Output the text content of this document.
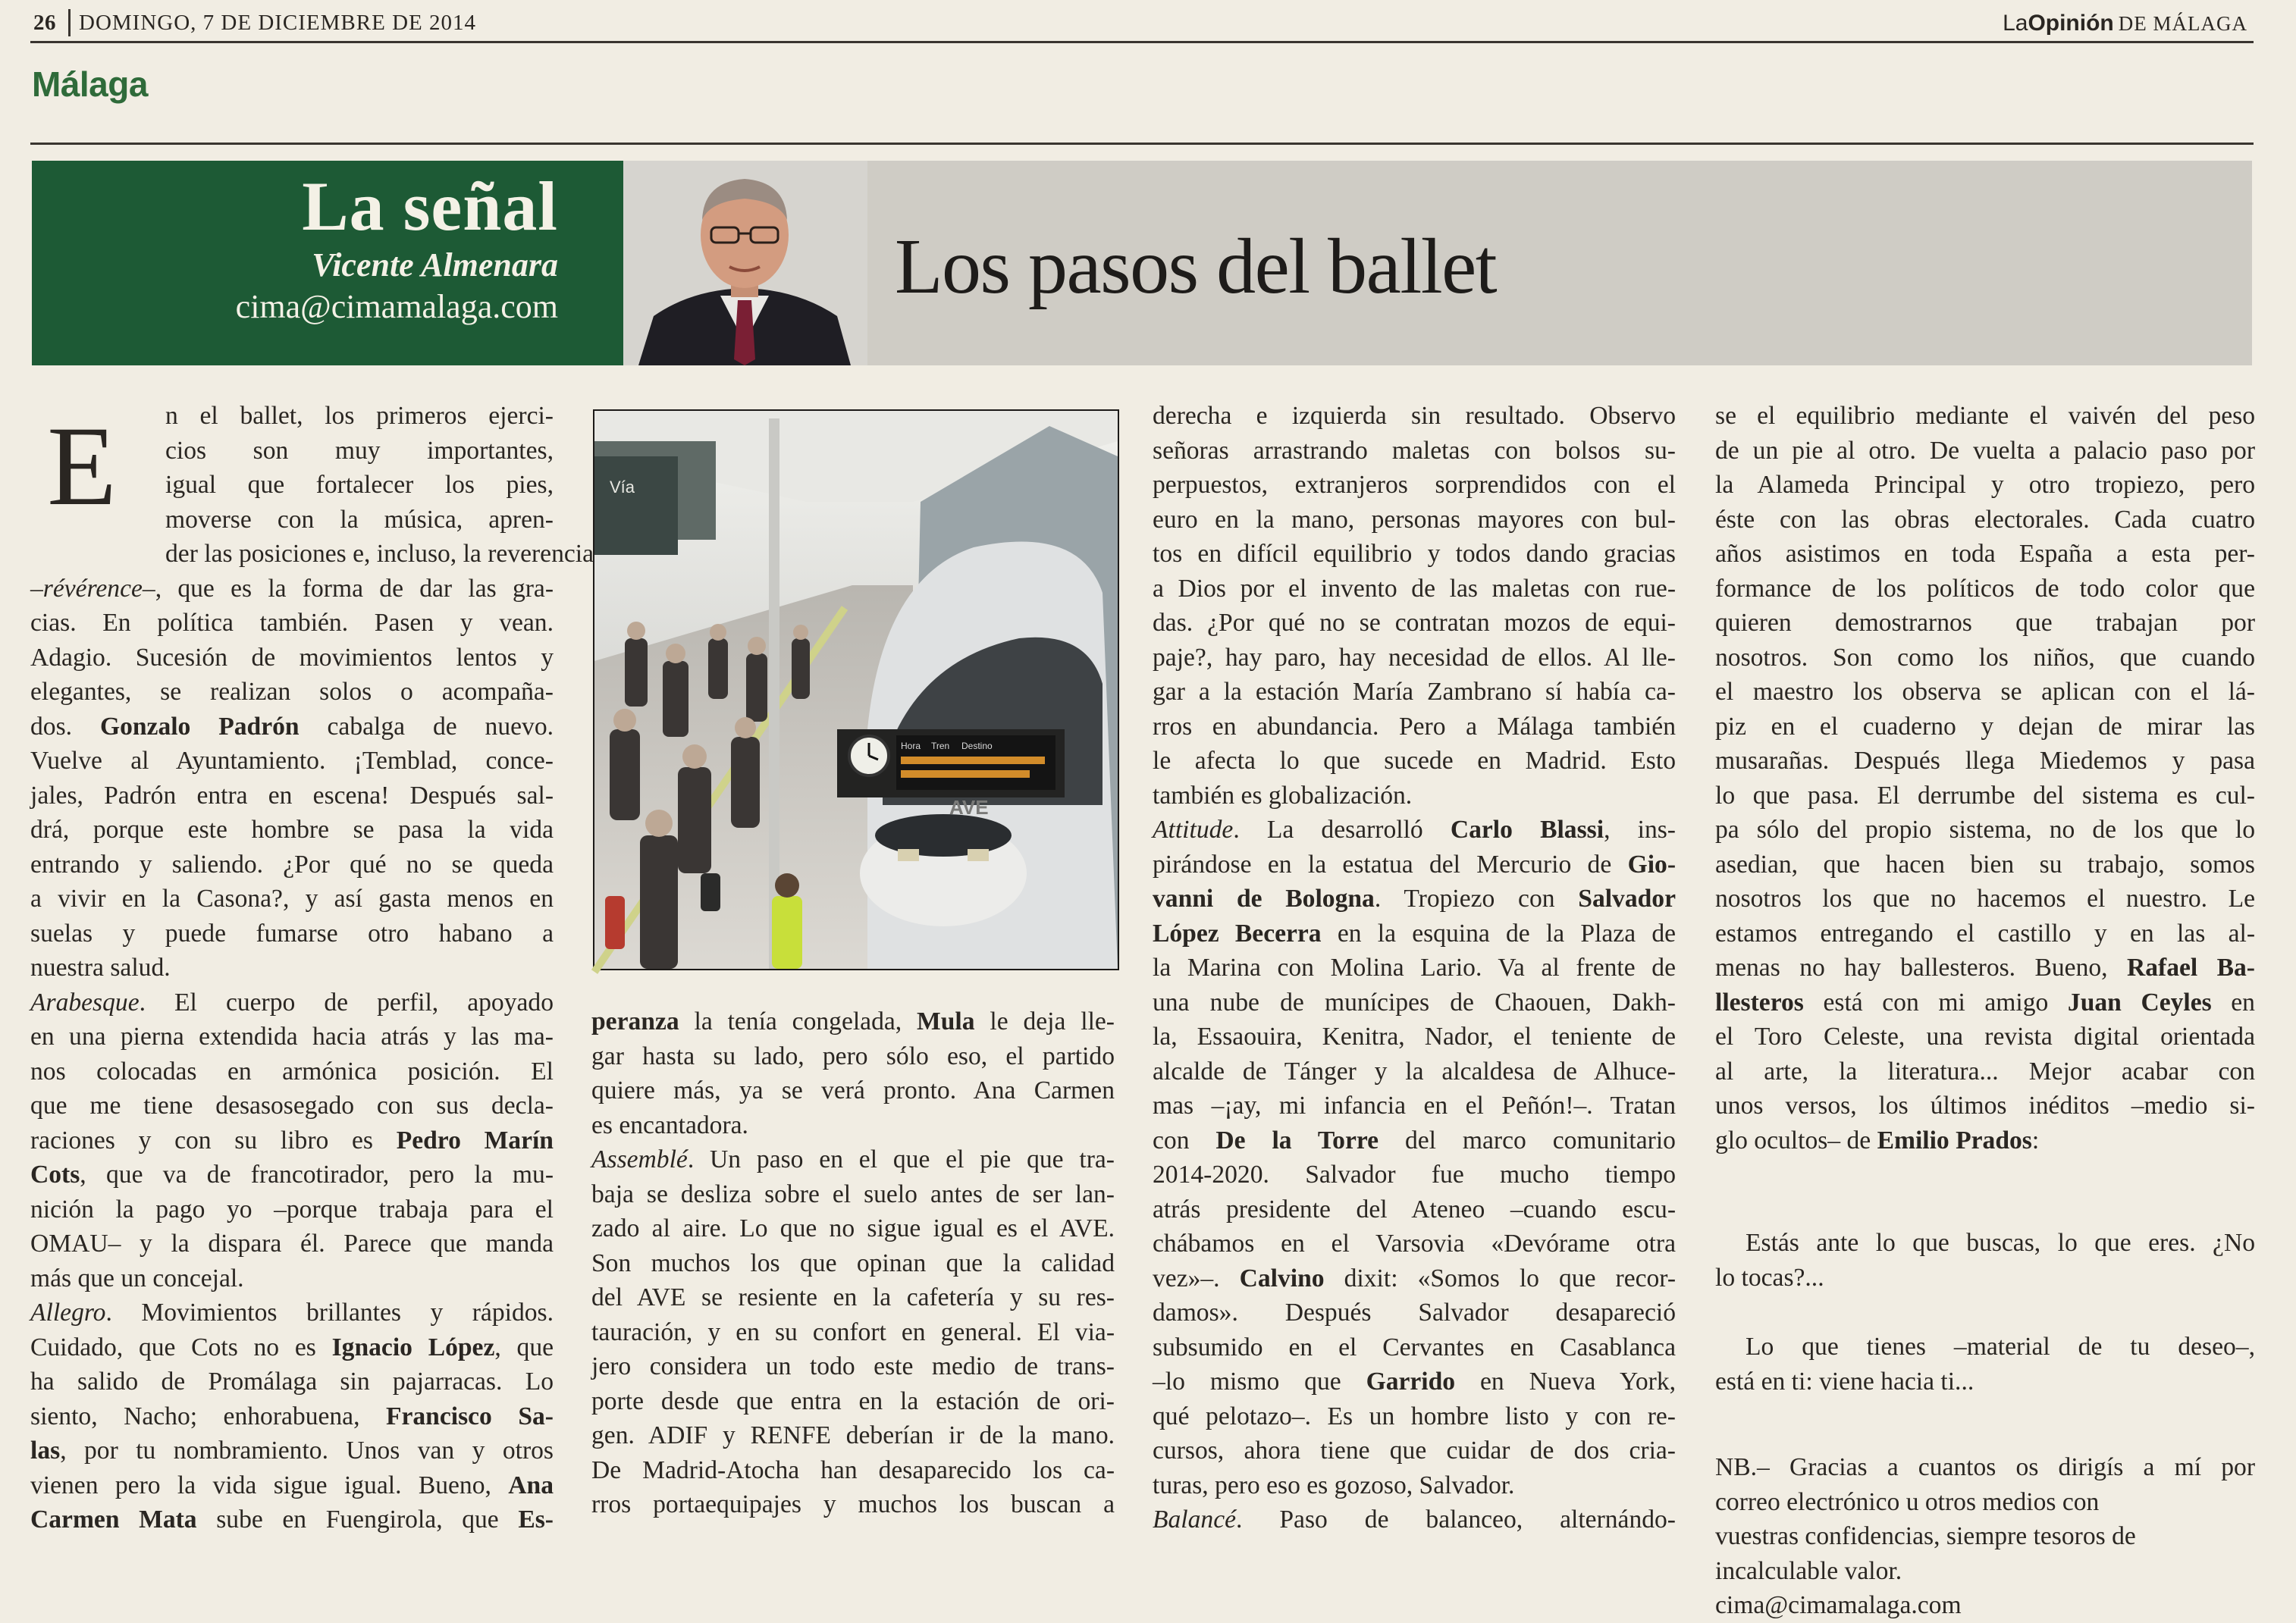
26 DOMINGO, 7 DE DICIEMBRE DE 2014	LaOpinión DE MÁLAGA
Málaga
La señal
Vicente Almenara
cima@cimamalaga.com	Los pasos del ballet
Vía
Hora Tren Destino
AVE
E	n el ballet, los primeros ejerci-
cios son muy importantes,
igual que fortalecer los pies,
moverse con la música, apren-
der las posiciones e, incluso, la reverencia
–révérence–, que es la forma de dar las gra-
cias. En política también. Pasen y vean.
Adagio. Sucesión de movimientos lentos y
elegantes, se realizan solos o acompaña-
dos. Gonzalo Padrón cabalga de nuevo.
Vuelve al Ayuntamiento. ¡Temblad, conce-
jales, Padrón entra en escena! Después sal-
drá, porque este hombre se pasa la vida
entrando y saliendo. ¿Por qué no se queda
a vivir en la Casona?, y así gasta menos en
suelas y puede fumarse otro habano a
nuestra salud.
Arabesque. El cuerpo de perfil, apoyado
en una pierna extendida hacia atrás y las ma-
nos colocadas en armónica posición. El
que me tiene desasosegado con sus decla-
raciones y con su libro es Pedro Marín
Cots, que va de francotirador, pero la mu-
nición la pago yo –porque trabaja para el
OMAU– y la dispara él. Parece que manda
más que un concejal.
Allegro. Movimientos brillantes y rápidos.
Cuidado, que Cots no es Ignacio López, que
ha salido de Promálaga sin pajarracas. Lo
siento, Nacho; enhorabuena, Francisco Sa-
las, por tu nombramiento. Unos van y otros
vienen pero la vida sigue igual. Bueno, Ana
Carmen Mata sube en Fuengirola, que Es-
peranza la tenía congelada, Mula le deja lle-
gar hasta su lado, pero sólo eso, el partido
quiere más, ya se verá pronto. Ana Carmen
es encantadora.
Assemblé. Un paso en el que el pie que tra-
baja se desliza sobre el suelo antes de ser lan-
zado al aire. Lo que no sigue igual es el AVE.
Son muchos los que opinan que la calidad
del AVE se resiente en la cafetería y su res-
tauración, y en su confort en general. El via-
jero considera un todo este medio de trans-
porte desde que entra en la estación de ori-
gen. ADIF y RENFE deberían ir de la mano.
De Madrid-Atocha han desaparecido los ca-
rros portaequipajes y muchos los buscan a
derecha e izquierda sin resultado. Observo
señoras arrastrando maletas con bolsos su-
perpuestos, extranjeros sorprendidos con el
euro en la mano, personas mayores con bul-
tos en difícil equilibrio y todos dando gracias
a Dios por el invento de las maletas con rue-
das. ¿Por qué no se contratan mozos de equi-
paje?, hay paro, hay necesidad de ellos. Al lle-
gar a la estación María Zambrano sí había ca-
rros en abundancia. Pero a Málaga también
le afecta lo que sucede en Madrid. Esto
también es globalización.
Attitude. La desarrolló Carlo Blassi, ins-
pirándose en la estatua del Mercurio de Gio-
vanni de Bologna. Tropiezo con Salvador
López Becerra en la esquina de la Plaza de
la Marina con Molina Lario. Va al frente de
una nube de munícipes de Chaouen, Dakh-
la, Essaouira, Kenitra, Nador, el teniente de
alcalde de Tánger y la alcaldesa de Alhuce-
mas –¡ay, mi infancia en el Peñón!–. Tratan
con De la Torre del marco comunitario
2014-2020. Salvador fue mucho tiempo
atrás presidente del Ateneo –cuando escu-
chábamos en el Varsovia «Devórame otra
vez»–. Calvino dixit: «Somos lo que recor-
damos». Después Salvador desapareció
subsumido en el Cervantes en Casablanca
–lo mismo que Garrido en Nueva York,
qué pelotazo–. Es un hombre listo y con re-
cursos, ahora tiene que cuidar de dos cria-
turas, pero eso es gozoso, Salvador.
Balancé. Paso de balanceo, alternándo-
se el equilibrio mediante el vaivén del peso
de un pie al otro. De vuelta a palacio paso por
la Alameda Principal y otro tropiezo, pero
éste con las obras electorales. Cada cuatro
años asistimos en toda España a esta per-
formance de los políticos de todo color que
quieren demostrarnos que trabajan por
nosotros. Son como los niños, que cuando
el maestro los observa se aplican con el lá-
piz en el cuaderno y dejan de mirar las
musarañas. Después llega Miedemos y pasa
lo que pasa. El derrumbe del sistema es cul-
pa sólo del propio sistema, no de los que lo
asedian, que hacen bien su trabajo, somos
nosotros los que no hacemos el nuestro. Le
estamos entregando el castillo y en las al-
menas no hay ballesteros. Bueno, Rafael Ba-
llesteros está con mi amigo Juan Ceyles en
el Toro Celeste, una revista digital orientada
al arte, la literatura... Mejor acabar con
unos versos, los últimos inéditos –medio si-
glo ocultos– de Emilio Prados:
Estás ante lo que buscas, lo que eres. ¿No
lo tocas?...
Lo que tienes –material de tu deseo–,
está en ti: viene hacia ti...
NB.– Gracias a cuantos os dirigís a mí por
correo electrónico u otros medios con
vuestras confidencias, siempre tesoros de
incalculable valor.
cima@cimamalaga.com
